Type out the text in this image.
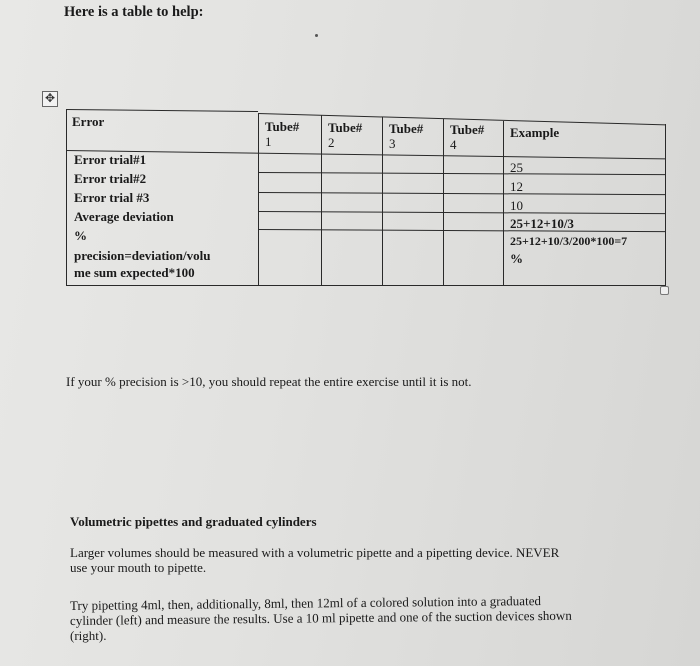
Here is a table to help:
✥
Error	Tube#
1
Tube#
2
Tube#
3
Tube#
4
Example
Error trial#1
Error trial#2
Error trial #3
Average deviation
%
precision=deviation/volu
me sum expected*100
25
12
10
25+12+10/3
25+12+10/3/200*100=7
%
If your % precision is >10, you should repeat the entire exercise until it is not.
Volumetric pipettes and graduated cylinders
Larger volumes should be measured with a volumetric pipette and a pipetting device. NEVER
use your mouth to pipette.
Try pipetting 4ml, then, additionally, 8ml, then 12ml of a colored solution into a graduated
cylinder (left) and measure the results. Use a 10 ml pipette and one of the suction devices shown
(right).
